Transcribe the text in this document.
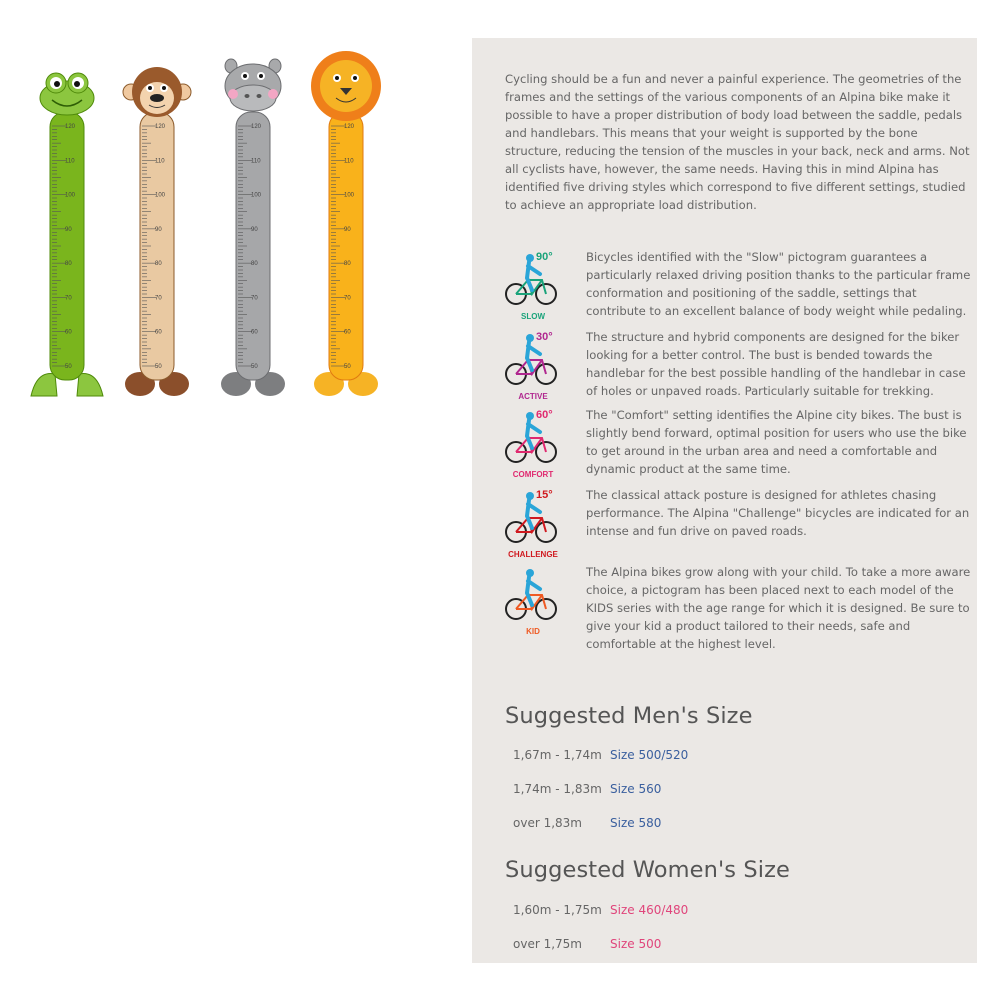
120
110
100
90
80
70
60
50
120
110
100
90
80
70
60
50
120
110
100
90
80
70
60
50
120
110
100
90
80
70
60
50

Cycling should be a fun and never a painful experience. The geometries of the frames and the settings of the various components of an Alpina bike make it possible to have a proper distribution of body load between the saddle, pedals and handlebars. This means that your weight is supported by the bone structure, reducing the tension of the muscles in your back, neck and arms. Not all cyclists have, however, the same needs. Having this in mind Alpina has identified five driving styles which correspond to five different settings, studied to achieve an appropriate load distribution.

90°
SLOW

Bicycles identified with the "Slow" pictogram guarantees a particularly relaxed driving position thanks to the particular frame conformation and positioning of the saddle, settings that contribute to an excellent balance of body weight while pedaling.

30°
ACTIVE

The structure and hybrid components are designed for the biker looking for a better control. The bust is bended towards the handlebar for the best possible handling of the handlebar in case of holes or unpaved roads. Particularly suitable for trekking.

60°
COMFORT

The "Comfort" setting identifies the Alpine city bikes. The bust is slightly bend forward, optimal position for users who use the bike to get around in the urban area and need a comfortable and dynamic product at the same time.

15°
CHALLENGE

The classical attack posture is designed for athletes chasing performance. The Alpina "Challenge" bicycles are indicated for an intense and fun drive on paved roads.

KID

The Alpina bikes grow along with your child. To take a more aware choice, a pictogram has been placed next to each model of the KIDS series with the age range for which it is designed. Be sure to give your kid a product tailored to their needs, safe and comfortable at the highest level.

Suggested Men's Size
1,67m - 1,74m Size 500/520
1,74m - 1,83m Size 560
over 1,83m Size 580
Suggested Women's Size
1,60m - 1,75m Size 460/480
over 1,75m Size 500
